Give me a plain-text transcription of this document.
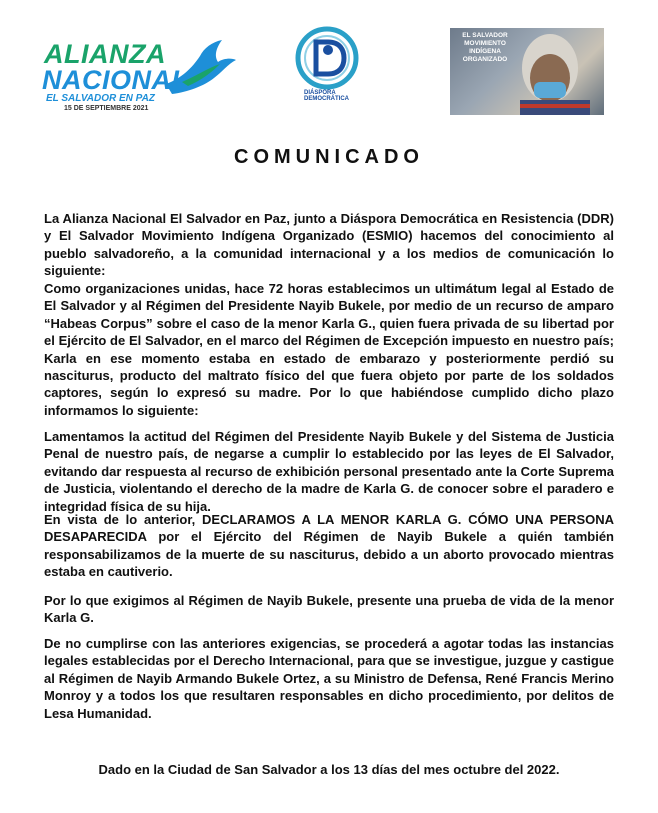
ALIANZA
NACIONAL
EL SALVADOR EN PAZ
15 DE SEPTIEMBRE 2021
DIÁSPORA DEMOCRÁTICA
EL SALVADOR MOVIMIENTO INDÍGENA ORGANIZADO
COMUNICADO

La Alianza Nacional El Salvador en Paz, junto a Diáspora Democrática en Resistencia (DDR) y El Salvador Movimiento Indígena Organizado (ESMIO) hacemos del conocimiento al pueblo salvadoreño, a la comunidad internacional y a los medios de comunicación lo siguiente:

Como organizaciones unidas, hace 72 horas establecimos un ultimátum legal al Estado de El Salvador y al Régimen del Presidente Nayib Bukele, por medio de un recurso de amparo “Habeas Corpus” sobre el caso de la menor Karla G., quien fuera privada de su libertad por el Ejército de El Salvador, en el marco del Régimen de Excepción impuesto en nuestro país; Karla en ese momento estaba en estado de embarazo y posteriormente perdió su nasciturus, producto del maltrato físico del que fuera objeto por parte de los soldados captores, según lo expresó su madre. Por lo que habiéndose cumplido dicho plazo informamos lo siguiente:

Lamentamos la actitud del Régimen del Presidente Nayib Bukele y del Sistema de Justicia Penal de nuestro país, de negarse a cumplir lo establecido por las leyes de El Salvador, evitando dar respuesta al recurso de exhibición personal presentado ante la Corte Suprema de Justicia, violentando el derecho de la madre de Karla G. de conocer sobre el paradero e integridad física de su hija.

En vista de lo anterior, DECLARAMOS A LA MENOR KARLA G. CÓMO UNA PERSONA DESAPARECIDA por el Ejército del Régimen de Nayib Bukele a quién también responsabilizamos de la muerte de su nasciturus, debido a un aborto provocado mientras estaba en cautiverio.

Por lo que exigimos al Régimen de Nayib Bukele, presente una prueba de vida de la menor Karla G.

De no cumplirse con las anteriores exigencias, se procederá a agotar todas las instancias legales establecidas por el Derecho Internacional, para que se investigue, juzgue y castigue al Régimen de Nayib Armando Bukele Ortez, a su Ministro de Defensa, René Francis Merino Monroy y a todos los que resultaren responsables en dicho procedimiento, por delitos de Lesa Humanidad.

Dado en la Ciudad de San Salvador a los 13 días del mes octubre del 2022.
